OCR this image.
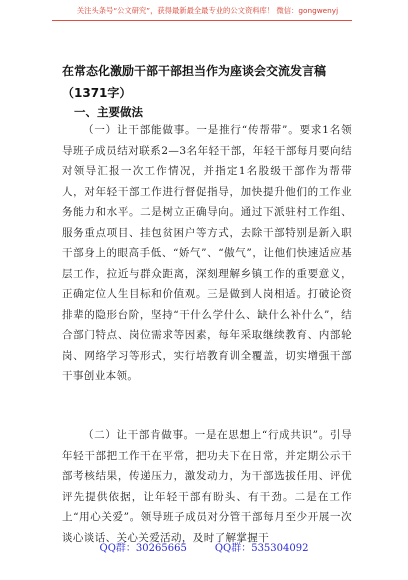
关注头条号“公文研究”，获得最新最全最专业的公文资料库！ 微信：gongwenyj
在常态化激励干部干部担当作为座谈会交流发言稿（1371字）
一、主要做法

（一）让干部能做事。一是推行“传帮带”。要求1名领导班子成员结对联系2—3名年轻干部，年轻干部每月要向结对领导汇报一次工作情况，并指定1名股级干部作为帮带人，对年轻干部工作进行督促指导，加快提升他们的工作业务能力和水平。二是树立正确导向。通过下派驻村工作组、服务重点项目、挂包贫困户等方式，去除干部特别是新入职干部身上的眼高手低、“娇气”、“傲气”，让他们快速适应基层工作，拉近与群众距离，深刻理解乡镇工作的重要意义，正确定位人生目标和价值观。三是做到人岗相适。打破论资排辈的隐形台阶，坚持“干什么学什么、缺什么补什么”，结合部门特点、岗位需求等因素，每年采取继续教育、内部轮岗、网络学习等形式，实行培教育训全覆盖，切实增强干部干事创业本领。

（二）让干部肯做事。一是在思想上“行成共识”。引导年轻干部把工作干在平常，把功夫下在日常，并定期公示干部考核结果，传递压力，激发动力，为干部选拔任用、评优评先提供依据，让年轻干部有盼头、有干劲。二是在工作上“用心关爱”。领导班子成员对分管干部每月至少开展一次谈心谈话、关心关爱活动，及时了解掌握干

QQ群：30265665	QQ群：535304092
